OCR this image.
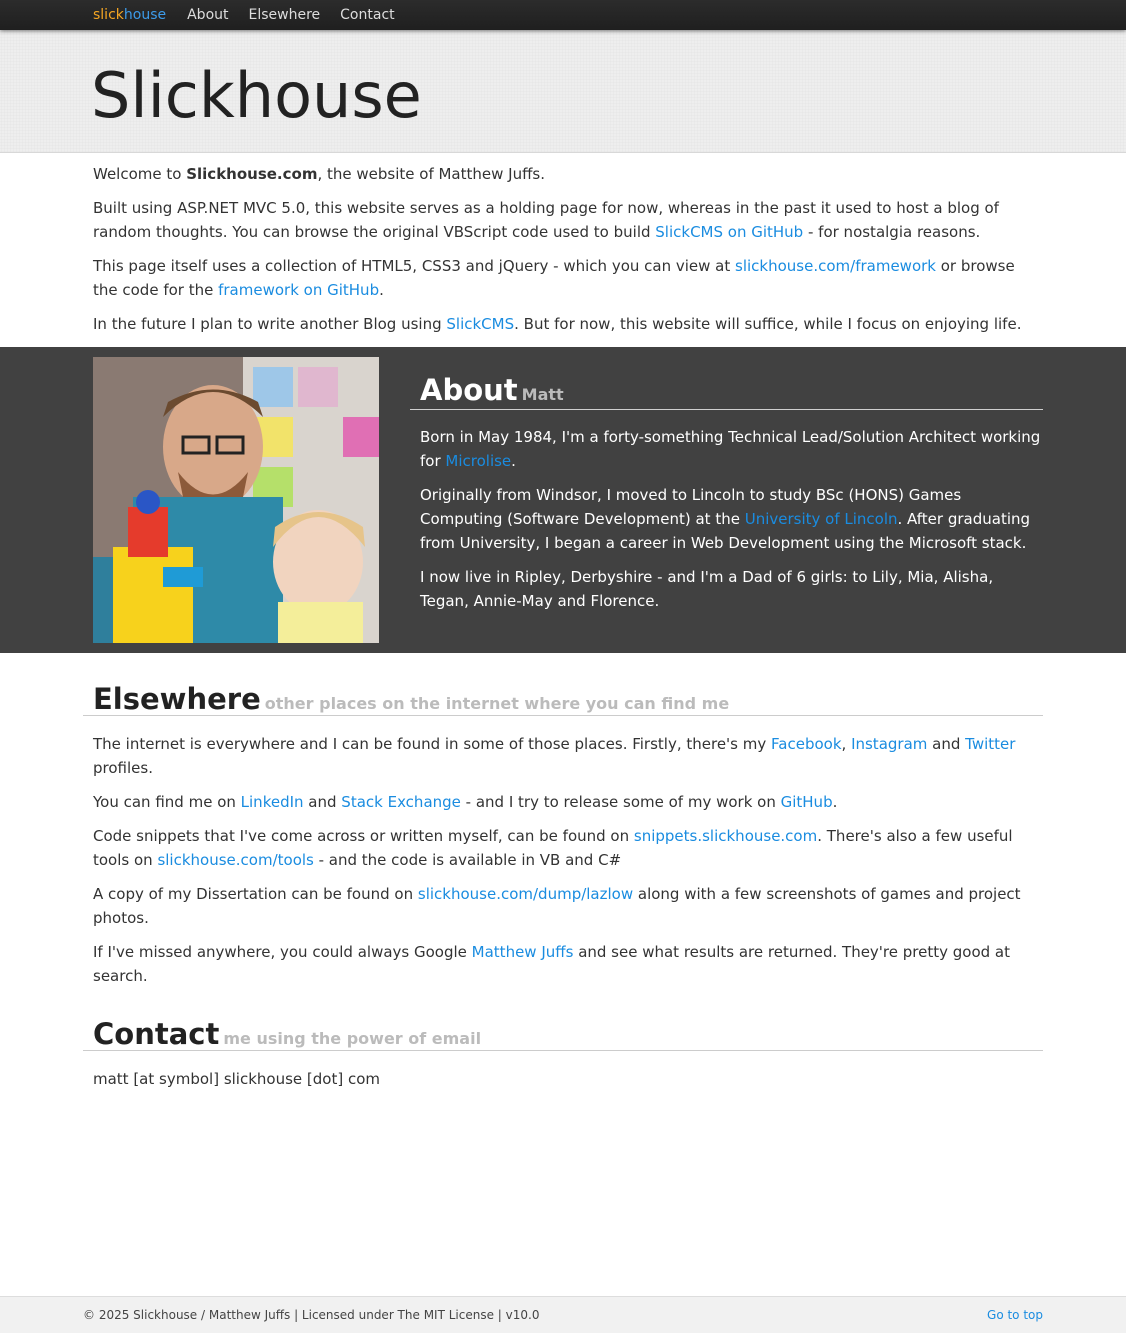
slickhouse About Elsewhere Contact
Slickhouse

Welcome to Slickhouse.com, the website of Matthew Juffs.

Built using ASP.NET MVC 5.0, this website serves as a holding page for now, whereas in the past it used to host a blog of random thoughts. You can browse the original VBScript code used to build SlickCMS on GitHub - for nostalgia reasons.

This page itself uses a collection of HTML5, CSS3 and jQuery - which you can view at slickhouse.com/framework or browse the code for the framework on GitHub.

In the future I plan to write another Blog using SlickCMS. But for now, this website will suffice, while I focus on enjoying life.

About Matt

Born in May 1984, I'm a forty-something Technical Lead/Solution Architect working for Microlise.

Originally from Windsor, I moved to Lincoln to study BSc (HONS) Games Computing (Software Development) at the University of Lincoln. After graduating from University, I began a career in Web Development using the Microsoft stack.

I now live in Ripley, Derbyshire - and I'm a Dad of 6 girls: to Lily, Mia, Alisha, Tegan, Annie-May and Florence.

Elsewhere other places on the internet where you can find me

The internet is everywhere and I can be found in some of those places. Firstly, there's my Facebook, Instagram and Twitter profiles.

You can find me on LinkedIn and Stack Exchange - and I try to release some of my work on GitHub.

Code snippets that I've come across or written myself, can be found on snippets.slickhouse.com. There's also a few useful tools on slickhouse.com/tools - and the code is available in VB and C#

A copy of my Dissertation can be found on slickhouse.com/dump/lazlow along with a few screenshots of games and project photos.

If I've missed anywhere, you could always Google Matthew Juffs and see what results are returned. They're pretty good at search.

Contact me using the power of email

matt [at symbol] slickhouse [dot] com

© 2025 Slickhouse / Matthew Juffs | Licensed under The MIT License | v10.0	Go to top
